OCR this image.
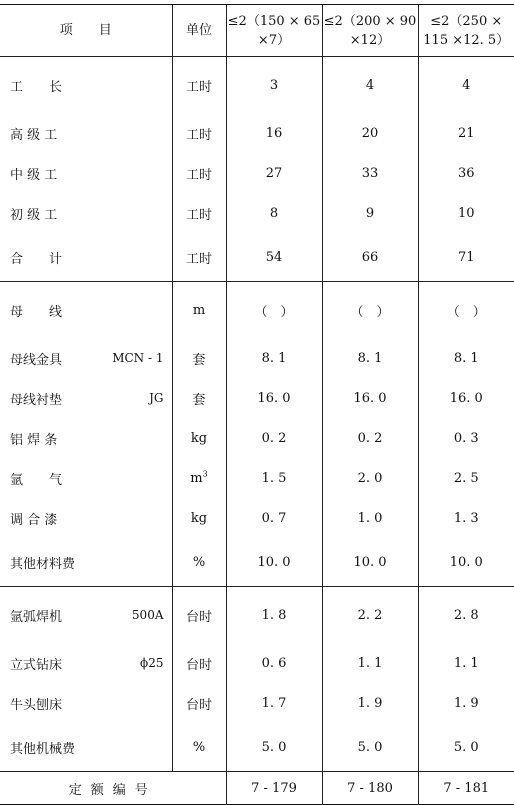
项　　目	单位	≤2（150 × 65 ×7）	≤2（200 × 90 ×12）	≤2（250 × 115 ×12. 5）

工　　长	工时	3	4	4

高 级 工	工时	16	20	21

中 级 工	工时	27	33	36

初 级 工	工时	8	9	10

合　　计	工时	54	66	71

母　　线	m	（　）	（　）	（　）

母线金具 MCN - 1	套	8. 1	8. 1	8. 1

母线衬垫 JG	套	16. 0	16. 0	16. 0

铝 焊 条	kg	0. 2	0. 2	0. 3

氩　　气	$m^3$	1. 5	2. 0	2. 5

调 合 漆	kg	0. 7	1. 0	1. 3

其他材料费	%	10. 0	10. 0	10. 0

氩弧焊机 500A	台时	1. 8	2. 2	2. 8

立式钻床 ϕ25	台时	0. 6	1. 1	1. 1

牛头刨床	台时	1. 7	1. 9	1. 9

其他机械费	%	5. 0	5. 0	5. 0
定额编号		7 - 179	7 - 180	7 - 181
